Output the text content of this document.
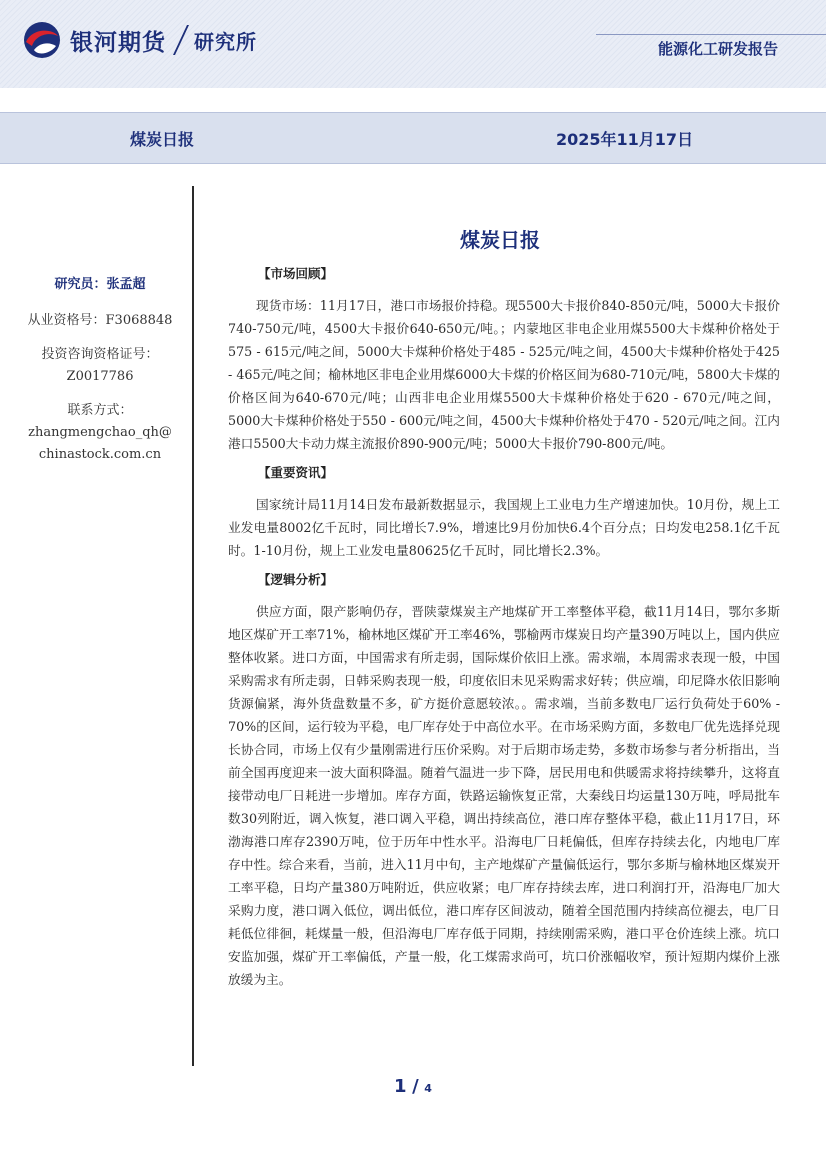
银河期货 研究所	能源化工研发报告
煤炭日报	2025年11月17日
研究员：张孟超
从业资格号：F3068848
投资咨询资格证号：
Z0017786
联系方式：
zhangmengchao_qh@
chinastock.com.cn
煤炭日报
【市场回顾】

现货市场：11月17日，港口市场报价持稳。现5500大卡报价840-850元/吨，5000大卡报价740-750元/吨，4500大卡报价640-650元/吨。；内蒙地区非电企业用煤5500大卡煤种价格处于575 - 615元/吨之间，5000大卡煤种价格处于485 - 525元/吨之间，4500大卡煤种价格处于425 - 465元/吨之间；榆林地区非电企业用煤6000大卡煤的价格区间为680-710元/吨，5800大卡煤的价格区间为640-670元/吨；山西非电企业用煤5500大卡煤种价格处于620 - 670元/吨之间，5000大卡煤种价格处于550 - 600元/吨之间，4500大卡煤种价格处于470 - 520元/吨之间。江内港口5500大卡动力煤主流报价890-900元/吨；5000大卡报价790-800元/吨。

【重要资讯】

国家统计局11月14日发布最新数据显示，我国规上工业电力生产增速加快。10月份，规上工业发电量8002亿千瓦时，同比增长7.9%，增速比9月份加快6.4个百分点；日均发电258.1亿千瓦时。1-10月份，规上工业发电量80625亿千瓦时，同比增长2.3%。

【逻辑分析】

供应方面，限产影响仍存，晋陕蒙煤炭主产地煤矿开工率整体平稳，截11月14日，鄂尔多斯地区煤矿开工率71%，榆林地区煤矿开工率46%，鄂榆两市煤炭日均产量390万吨以上，国内供应整体收紧。进口方面，中国需求有所走弱，国际煤价依旧上涨。需求端，本周需求表现一般，中国采购需求有所走弱，日韩采购表现一般，印度依旧未见采购需求好转；供应端，印尼降水依旧影响货源偏紧，海外货盘数量不多，矿方挺价意愿较浓。。需求端，当前多数电厂运行负荷处于60% - 70%的区间，运行较为平稳，电厂库存处于中高位水平。在市场采购方面，多数电厂优先选择兑现长协合同，市场上仅有少量刚需进行压价采购。对于后期市场走势，多数市场参与者分析指出，当前全国再度迎来一波大面积降温。随着气温进一步下降，居民用电和供暖需求将持续攀升，这将直接带动电厂日耗进一步增加。库存方面，铁路运输恢复正常，大秦线日均运量130万吨，呼局批车数30列附近，调入恢复，港口调入平稳，调出持续高位，港口库存整体平稳，截止11月17日，环渤海港口库存2390万吨，位于历年中性水平。沿海电厂日耗偏低，但库存持续去化，内地电厂库存中性。综合来看，当前，进入11月中旬，主产地煤矿产量偏低运行，鄂尔多斯与榆林地区煤炭开工率平稳，日均产量380万吨附近，供应收紧；电厂库存持续去库，进口利润打开，沿海电厂加大采购力度，港口调入低位，调出低位，港口库存区间波动，随着全国范围内持续高位褪去，电厂日耗低位徘徊，耗煤量一般，但沿海电厂库存低于同期，持续刚需采购，港口平仓价连续上涨。坑口安监加强，煤矿开工率偏低，产量一般，化工煤需求尚可，坑口价涨幅收窄，预计短期内煤价上涨放缓为主。

1 / 4
